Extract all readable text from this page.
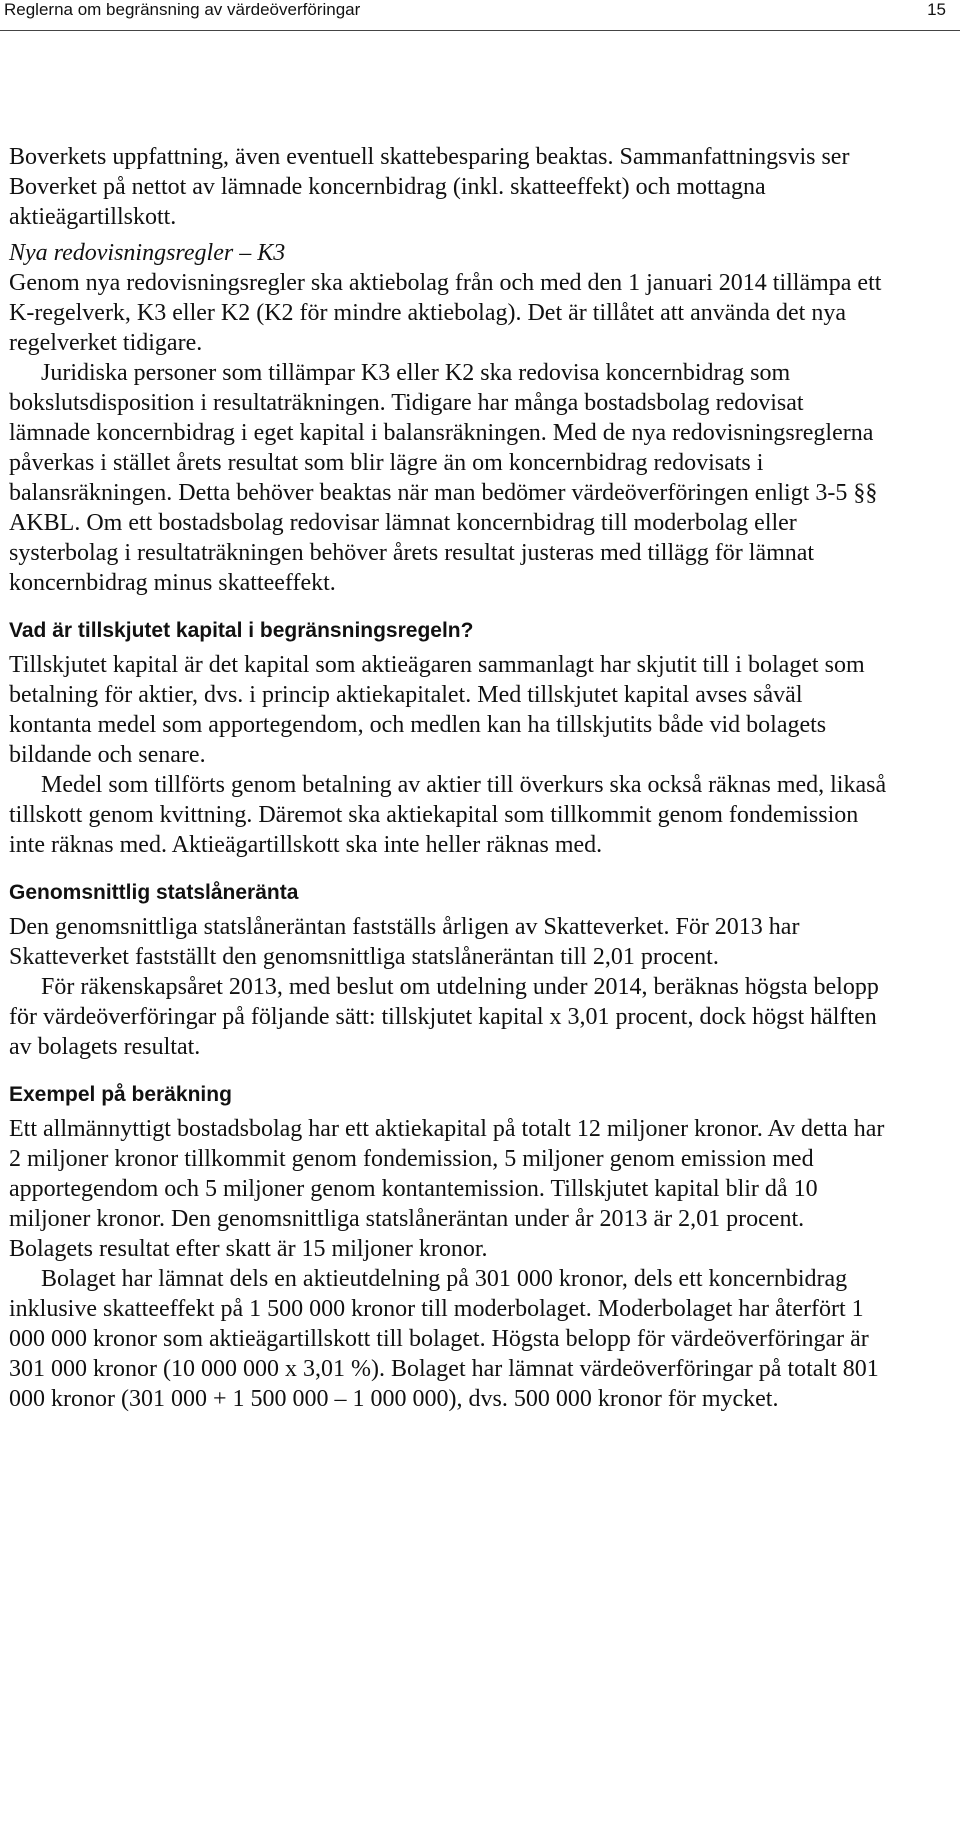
Reglerna om begränsning av värdeöverföringar	15

Boverkets uppfattning, även eventuell skattebesparing beaktas. Sammanfattningsvis ser Boverket på nettot av lämnade koncernbidrag (inkl. skatteeffekt) och mottagna aktieägartillskott.

Nya redovisningsregler – K3

Genom nya redovisningsregler ska aktiebolag från och med den 1 januari 2014 tillämpa ett K-regelverk, K3 eller K2 (K2 för mindre aktiebolag). Det är tillåtet att använda det nya regelverket tidigare.

Juridiska personer som tillämpar K3 eller K2 ska redovisa koncernbidrag som bokslutsdisposition i resultaträkningen. Tidigare har många bostadsbolag redovisat lämnade koncernbidrag i eget kapital i balansräkningen. Med de nya redovisningsreglerna påverkas i stället årets resultat som blir lägre än om koncernbidrag redovisats i balansräkningen. Detta behöver beaktas när man bedömer värdeöverföringen enligt 3-5 §§ AKBL. Om ett bostadsbolag redovisar lämnat koncernbidrag till moderbolag eller systerbolag i resultaträkningen behöver årets resultat justeras med tillägg för lämnat koncernbidrag minus skatteeffekt.

Vad är tillskjutet kapital i begränsningsregeln?

Tillskjutet kapital är det kapital som aktieägaren sammanlagt har skjutit till i bolaget som betalning för aktier, dvs. i princip aktiekapitalet. Med tillskjutet kapital avses såväl kontanta medel som apportegendom, och medlen kan ha tillskjutits både vid bolagets bildande och senare.

Medel som tillförts genom betalning av aktier till överkurs ska också räknas med, likaså tillskott genom kvittning. Däremot ska aktiekapital som tillkommit genom fondemission inte räknas med. Aktieägartillskott ska inte heller räknas med.

Genomsnittlig statslåneränta

Den genomsnittliga statslåneräntan fastställs årligen av Skatteverket. För 2013 har Skatteverket fastställt den genomsnittliga statslåneräntan till 2,01 procent.

För räkenskapsåret 2013, med beslut om utdelning under 2014, beräknas högsta belopp för värdeöverföringar på följande sätt: tillskjutet kapital x 3,01 procent, dock högst hälften av bolagets resultat.

Exempel på beräkning

Ett allmännyttigt bostadsbolag har ett aktiekapital på totalt 12 miljoner kronor. Av detta har 2 miljoner kronor tillkommit genom fondemission, 5 miljoner genom emission med apportegendom och 5 miljoner genom kontantemission. Tillskjutet kapital blir då 10 miljoner kronor. Den genomsnittliga statslåneräntan under år 2013 är 2,01 procent. Bolagets resultat efter skatt är 15 miljoner kronor.

Bolaget har lämnat dels en aktieutdelning på 301 000 kronor, dels ett koncernbidrag inklusive skatteeffekt på 1 500 000 kronor till moderbolaget. Moderbolaget har återfört 1 000 000 kronor som aktieägartillskott till bolaget. Högsta belopp för värdeöverföringar är 301 000 kronor (10 000 000 x 3,01 %). Bolaget har lämnat värdeöverföringar på totalt 801 000 kronor (301 000 + 1 500 000 – 1 000 000), dvs. 500 000 kronor för mycket.
